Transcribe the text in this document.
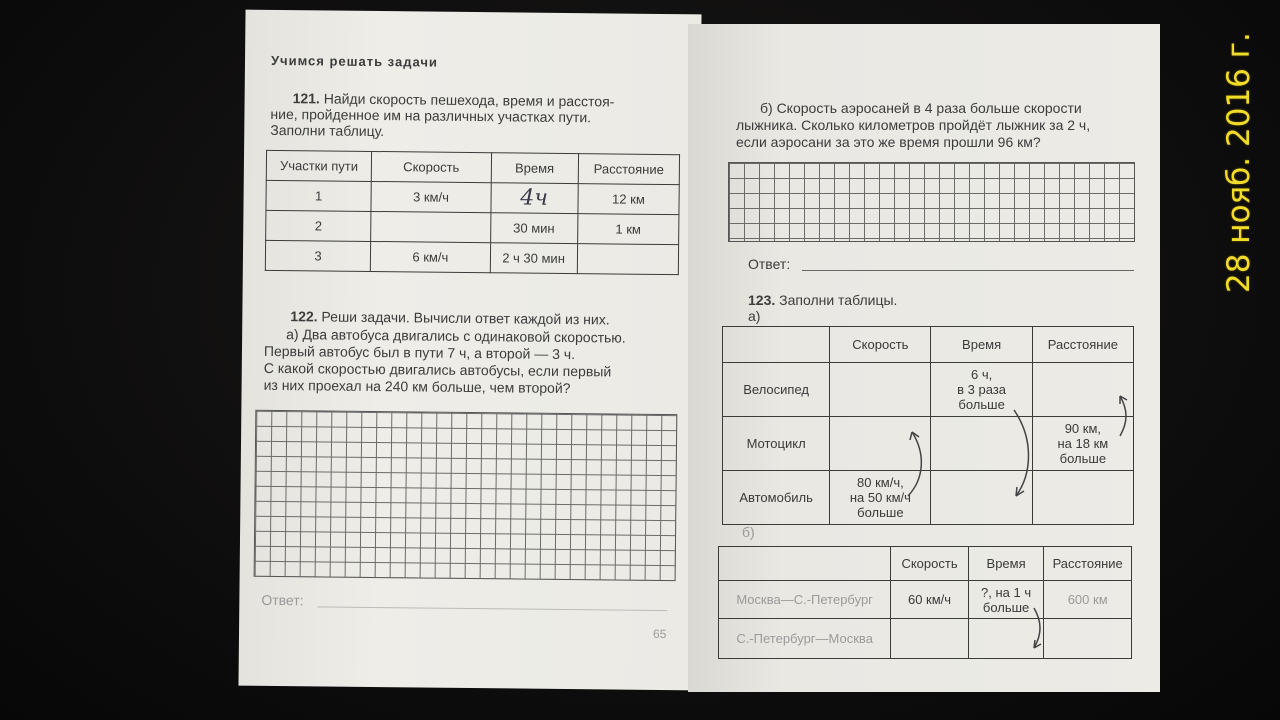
Учимся решать задачи
121. Найди скорость пешехода, время и расстоя-
ние, пройденное им на различных участках пути.
Заполни таблицу.
Участки пути	Скорость	Время	Расстояние
1	3 км/ч	4ч	12 км
2		30 мин	1 км
3	6 км/ч	2 ч 30 мин	
122. Реши задачи. Вычисли ответ каждой из них.
а) Два автобуса двигались с одинаковой скоростью.
Первый автобус был в пути 7 ч, а второй — 3 ч.
С какой скоростью двигались автобусы, если первый
из них проехал на 240 км больше, чем второй?
Ответ:
65
б) Скорость аэросаней в 4 раза больше скорости
лыжника. Сколько километров пройдёт лыжник за 2 ч,
если аэросани за это же время прошли 96 км?
Ответ:
123. Заполни таблицы.
а)
	Скорость	Время	Расстояние
Велосипед		6 ч,
в 3 раза
больше	
Мотоцикл			90 км,
на 18 км
больше
Автомобиль	80 км/ч,
на 50 км/ч
больше		
б)
	Скорость	Время	Расстояние
Москва—С.-Петербург	60 км/ч	?, на 1 ч
больше	600 км
С.-Петербург—Москва			
28 нояб. 2016 г.
